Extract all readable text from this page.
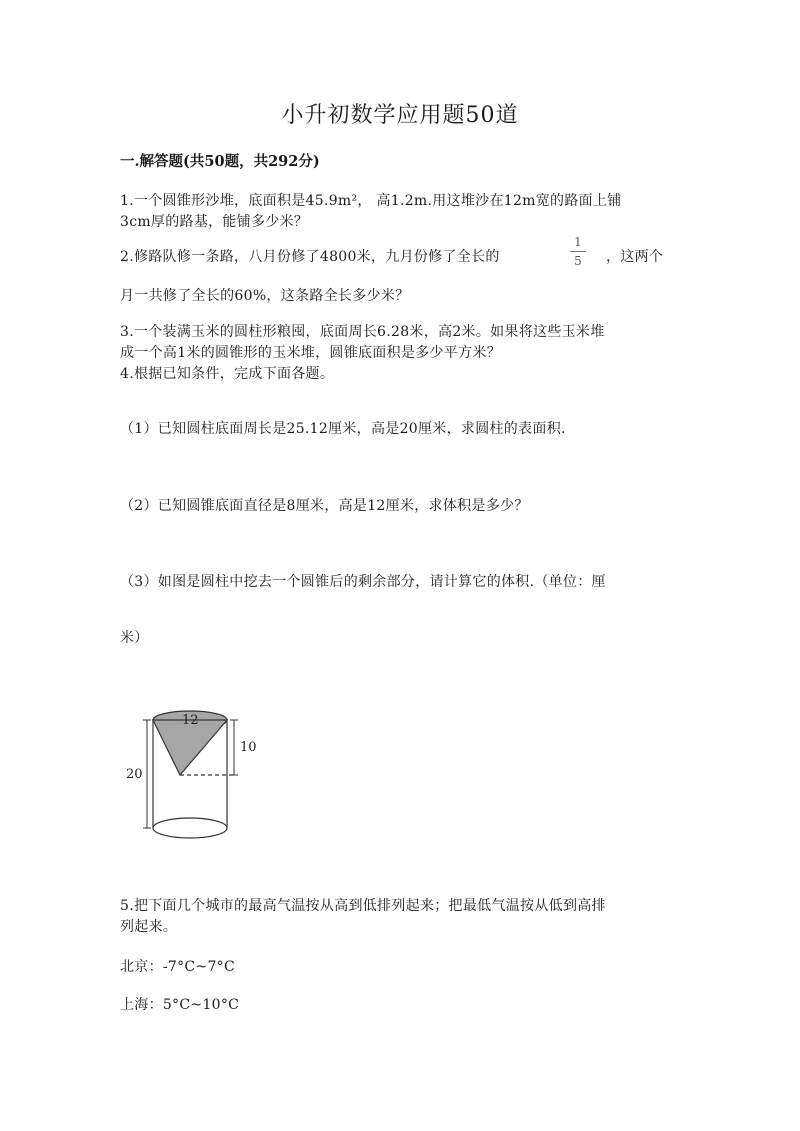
小升初数学应用题50道
一.解答题(共50题，共292分)
1.一个圆锥形沙堆，底面积是45.9m²， 高1.2m.用这堆沙在12m宽的路面上铺
3cm厚的路基，能铺多少米？
2.修路队修一条路，八月份修了4800米，九月份修了全长的
1
5	，这两个
月一共修了全长的60%，这条路全长多少米？
3.一个装满玉米的圆柱形粮囤，底面周长6.28米，高2米。如果将这些玉米堆
成一个高1米的圆锥形的玉米堆，圆锥底面积是多少平方米？
4.根据已知条件，完成下面各题。
（1）已知圆柱底面周长是25.12厘米，高是20厘米，求圆柱的表面积.
（2）已知圆锥底面直径是8厘米，高是12厘米，求体积是多少？
（3）如图是圆柱中挖去一个圆锥后的剩余部分，请计算它的体积.（单位：厘
米）
12
10
20
5.把下面几个城市的最高气温按从高到低排列起来；把最低气温按从低到高排
列起来。
北京：-7°C~7°C
上海：5°C~10°C
